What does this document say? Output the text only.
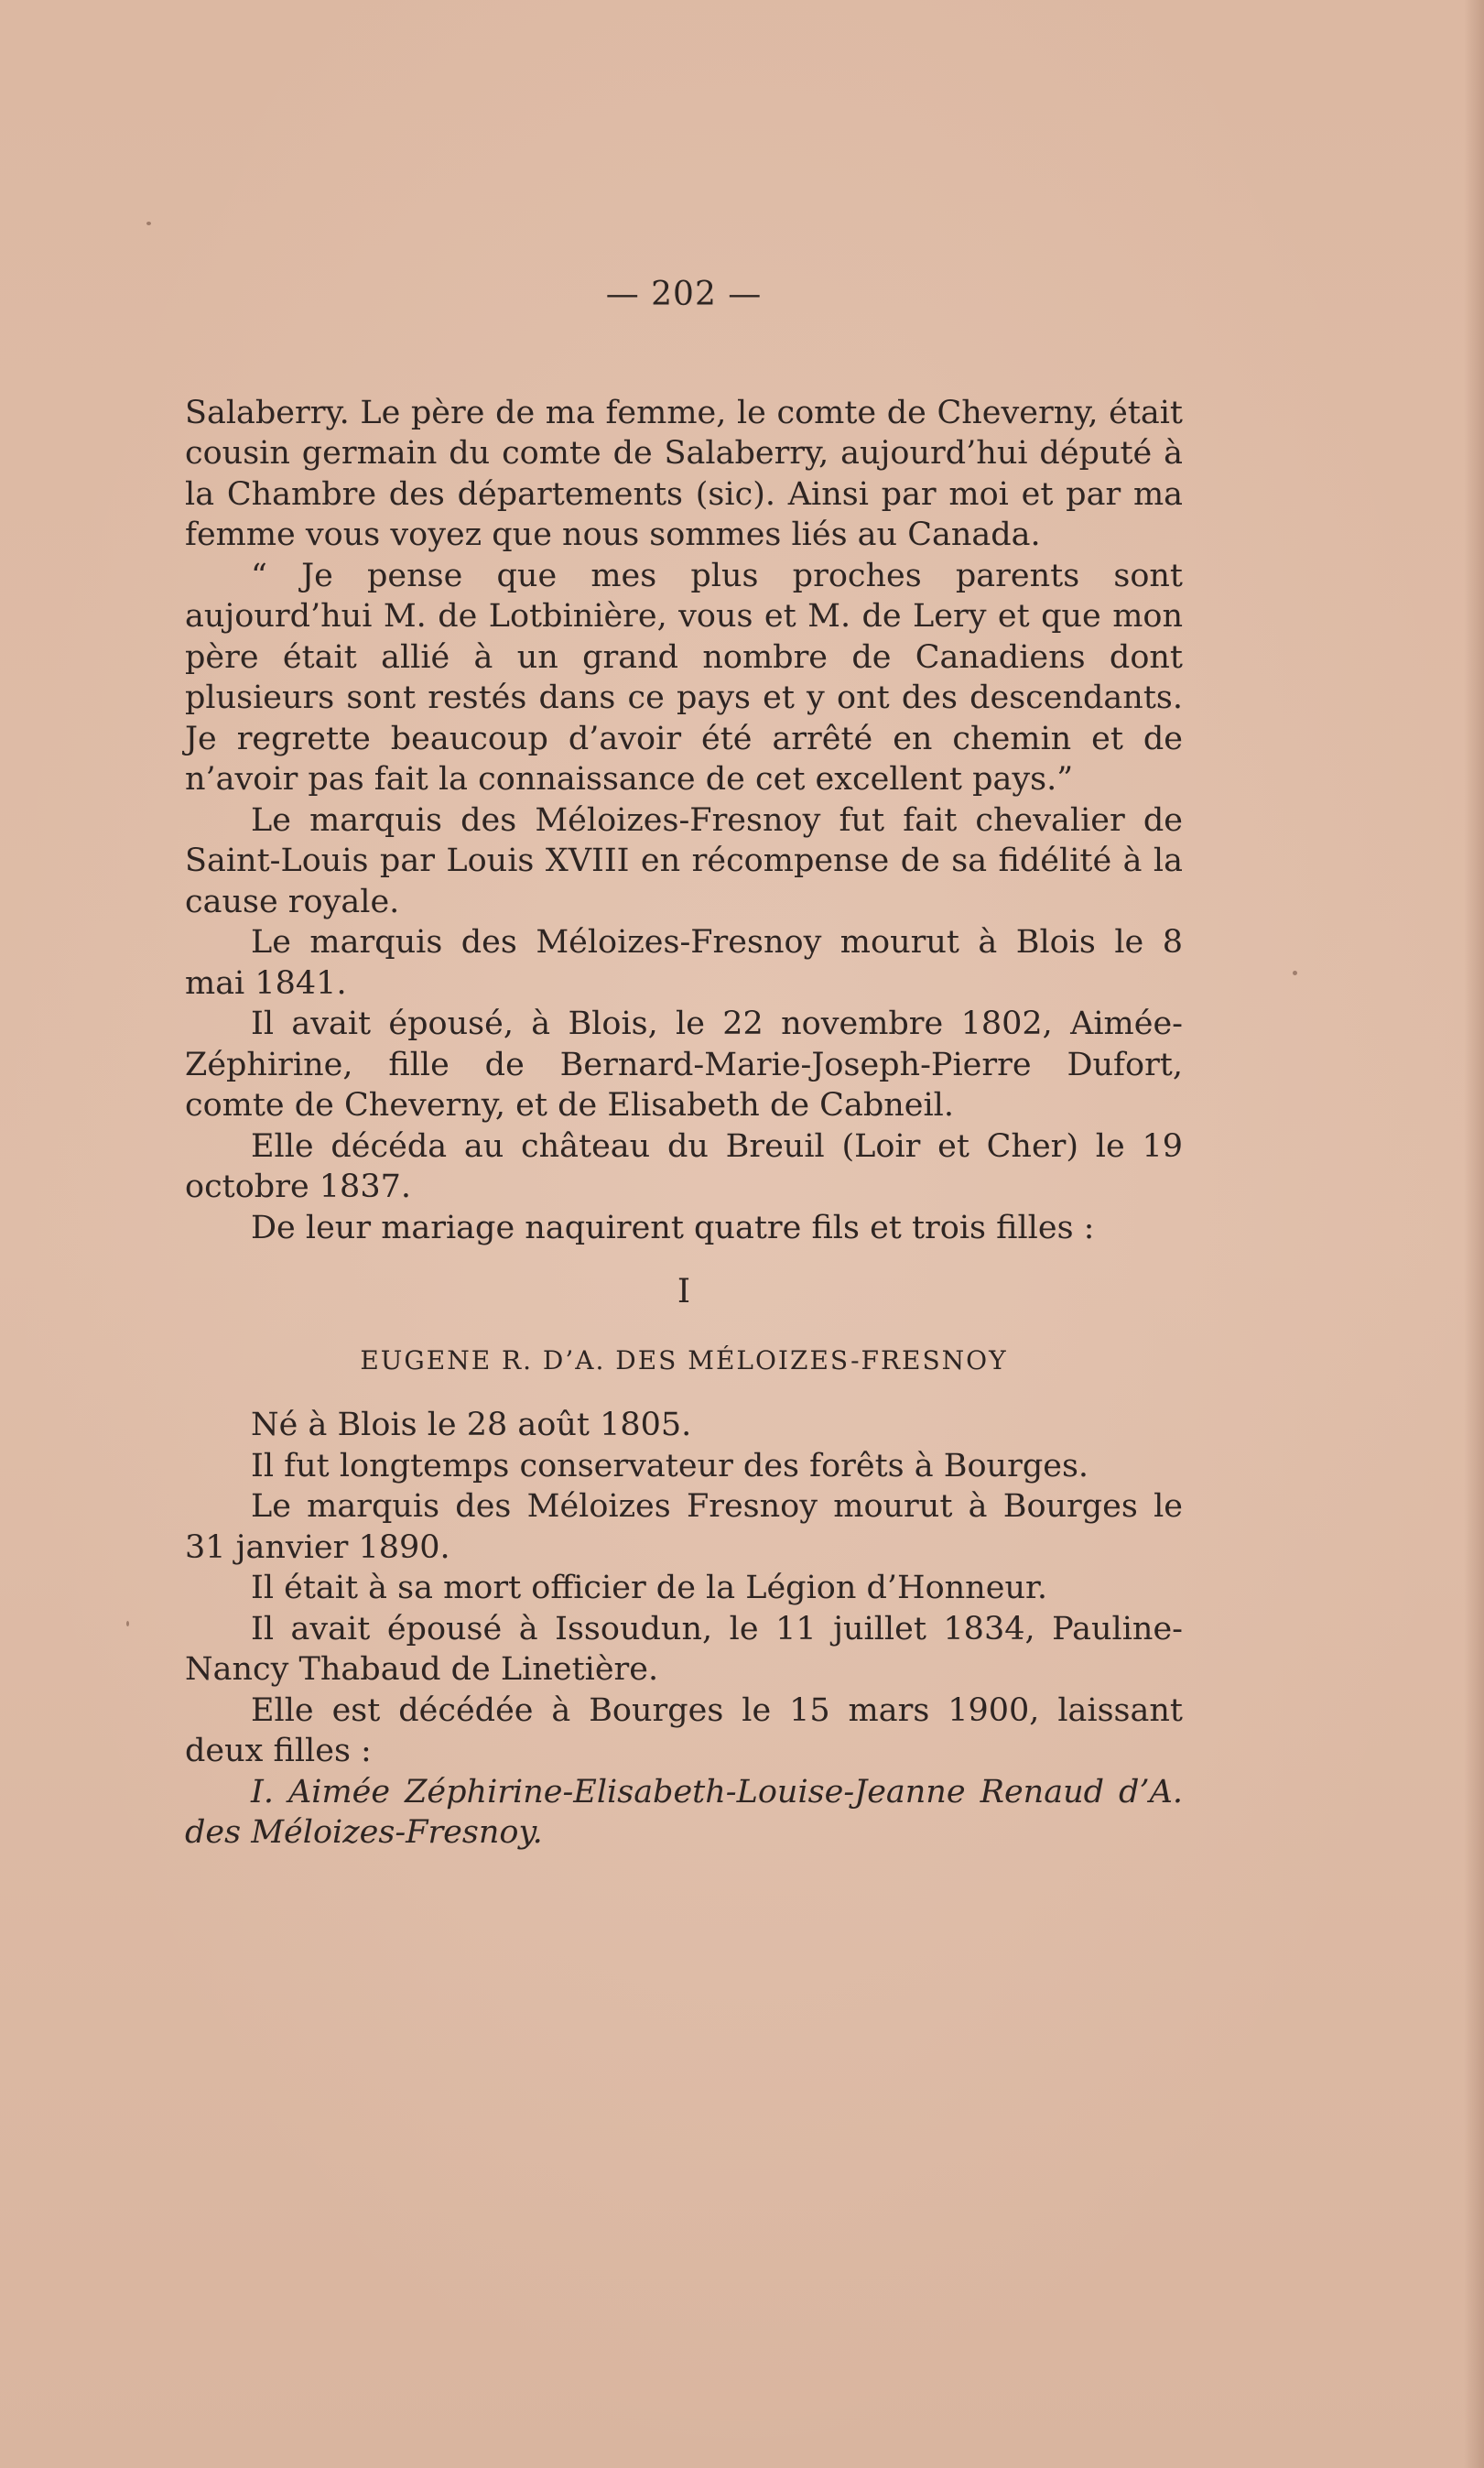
— 202 —

Salaberry. Le père de ma femme, le comte de Cheverny, était cousin germain du comte de Salaberry, aujourd’hui député à la Chambre des départements (sic). Ainsi par moi et par ma femme vous voyez que nous sommes liés au Canada.

“ Je pense que mes plus proches parents sont aujourd’hui M. de Lotbinière, vous et M. de Lery et que mon père était allié à un grand nombre de Canadiens dont plusieurs sont restés dans ce pays et y ont des descendants. Je regrette beaucoup d’avoir été arrêté en chemin et de n’avoir pas fait la connaissance de cet excellent pays.”

Le marquis des Méloizes-Fresnoy fut fait chevalier de Saint-Louis par Louis XVIII en récompense de sa fidélité à la cause royale.

Le marquis des Méloizes-Fresnoy mourut à Blois le 8 mai 1841.

Il avait épousé, à Blois, le 22 novembre 1802, Aimée-Zéphirine, fille de Bernard-Marie-Joseph-Pierre Dufort, comte de Cheverny, et de Elisabeth de Cabneil.

Elle décéda au château du Breuil (Loir et Cher) le 19 octobre 1837.

De leur mariage naquirent quatre fils et trois filles :

I
EUGENE R. D’A. DES MÉLOIZES-FRESNOY

Né à Blois le 28 août 1805.

Il fut longtemps conservateur des forêts à Bourges.

Le marquis des Méloizes Fresnoy mourut à Bourges le 31 janvier 1890.

Il était à sa mort officier de la Légion d’Honneur.

Il avait épousé à Issoudun, le 11 juillet 1834, Pauline-Nancy Thabaud de Linetière.

Elle est décédée à Bourges le 15 mars 1900, laissant deux filles :

I. Aimée Zéphirine-Elisabeth-Louise-Jeanne Renaud d’A. des Méloizes-Fresnoy.
